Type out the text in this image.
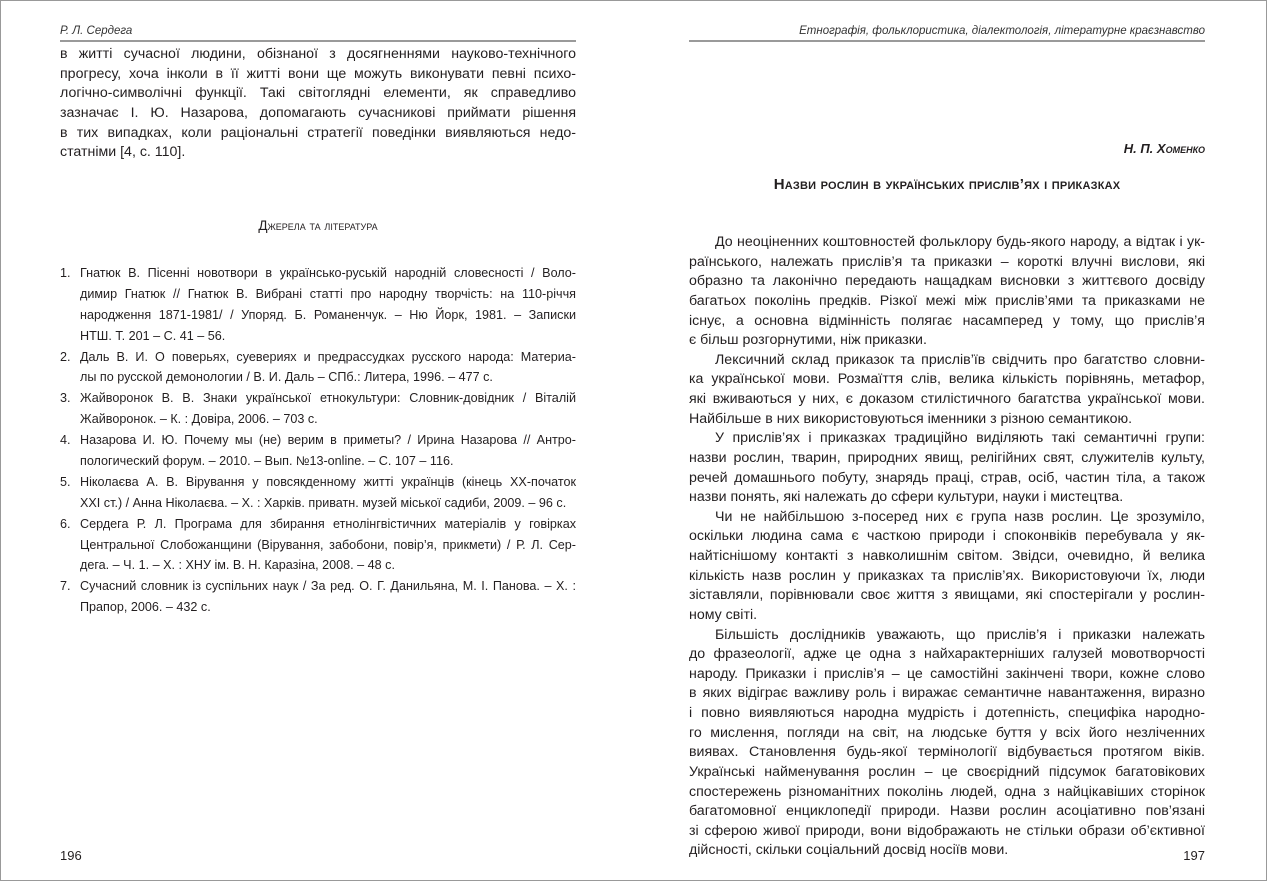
Р. Л. Сердега
в житті сучасної людини, обізнаної з досягненнями науково-технічного
прогресу, хоча інколи в її житті вони ще можуть виконувати певні психо-
логічно-символічні функції. Такі світоглядні елементи, як справедливо
зазначає І. Ю. Назарова, допомагають сучасникові приймати рішення
в тих випадках, коли раціональні стратегії поведінки виявляються недо-
статніми [4, с. 110].
Джерела та література
1. Гнатюк В. Пісенні новотвори в українсько-руській народній словесності / Воло-
димир Гнатюк // Гнатюк В. Вибрані статті про народну творчість: на 110-річчя
народження 1871-1981/ / Упоряд. Б. Романенчук. – Ню Йорк, 1981. – Записки
НТШ. Т. 201 – С. 41 – 56.
2. Даль В. И. О поверьях, суевериях и предрассудках русского народа: Материа-
лы по русской демонологии / В. И. Даль – СПб.: Литера, 1996. – 477 с.
3. Жайворонок В. В. Знаки української етнокультури: Словник-довідник / Віталій
Жайворонок. – К. : Довіра, 2006. – 703 с.
4. Назарова И. Ю. Почему мы (не) верим в приметы? / Ирина Назарова // Антро-
пологический форум. – 2010. – Вып. №13-online. – С. 107 – 116.
5. Ніколаєва А. В. Вірування у повсякденному житті українців (кінець ХХ-початок
ХХІ ст.) / Анна Ніколаєва. – Х. : Харків. приватн. музей міської садиби, 2009. – 96 с.
6. Сердега Р. Л. Програма для збирання етнолінгвістичних матеріалів у говірках
Центральної Слобожанщини (Вірування, забобони, повір’я, прикмети) / Р. Л. Сер-
дега. – Ч. 1. – Х. : ХНУ ім. В. Н. Каразіна, 2008. – 48 с.
7. Сучасний словник із суспільних наук / За ред. О. Г. Данильяна, М. І. Панова. – Х. :
Прапор, 2006. – 432 с.
196
Етнографія, фольклористика, діалектологія, літературне краєзнавство
Н. П. Хоменко
Назви рослин в українських прислів’ях і приказках
До неоціненних коштовностей фольклору будь-якого народу, а відтак і ук-
раїнського, належать прислів’я та приказки – короткі влучні вислови, які
образно та лаконічно передають нащадкам висновки з життєвого досвіду
багатьох поколінь предків. Різкої межі між прислів’ями та приказками не
існує, а основна відмінність полягає насамперед у тому, що прислів’я
є більш розгорнутими, ніж приказки.
Лексичний склад приказок та прислів’їв свідчить про багатство словни-
ка української мови. Розмаїття слів, велика кількість порівнянь, метафор,
які вживаються у них, є доказом стилістичного багатства української мови.
Найбільше в них використовуються іменники з різною семантикою.
У прислів’ях і приказках традиційно виділяють такі семантичні групи:
назви рослин, тварин, природних явищ, релігійних свят, служителів культу,
речей домашнього побуту, знарядь праці, страв, осіб, частин тіла, а також
назви понять, які належать до сфери культури, науки і мистецтва.
Чи не найбільшою з-посеред них є група назв рослин. Це зрозуміло,
оскільки людина сама є часткою природи і споконвіків перебувала у як-
найтіснішому контакті з навколишнім світом. Звідси, очевидно, й велика
кількість назв рослин у приказках та прислів’ях. Використовуючи їх, люди
зіставляли, порівнювали своє життя з явищами, які спостерігали у рослин-
ному світі.
Більшість дослідників уважають, що прислів’я і приказки належать
до фразеології, адже це одна з найхарактерніших галузей мовотворчості
народу. Приказки і прислів’я – це самостійні закінчені твори, кожне слово
в яких відіграє важливу роль і виражає семантичне навантаження, виразно
і повно виявляються народна мудрість і дотепність, специфіка народно-
го мислення, погляди на світ, на людське буття у всіх його незліченних
виявах. Становлення будь-якої термінології відбувається протягом віків.
Українські найменування рослин – це своєрідний підсумок багатовікових
спостережень різноманітних поколінь людей, одна з найцікавіших сторінок
багатомовної енциклопедії природи. Назви рослин асоціативно пов’язані
зі сферою живої природи, вони відображають не стільки образи об’єктивної
дійсності, скільки соціальний досвід носіїв мови.	197
